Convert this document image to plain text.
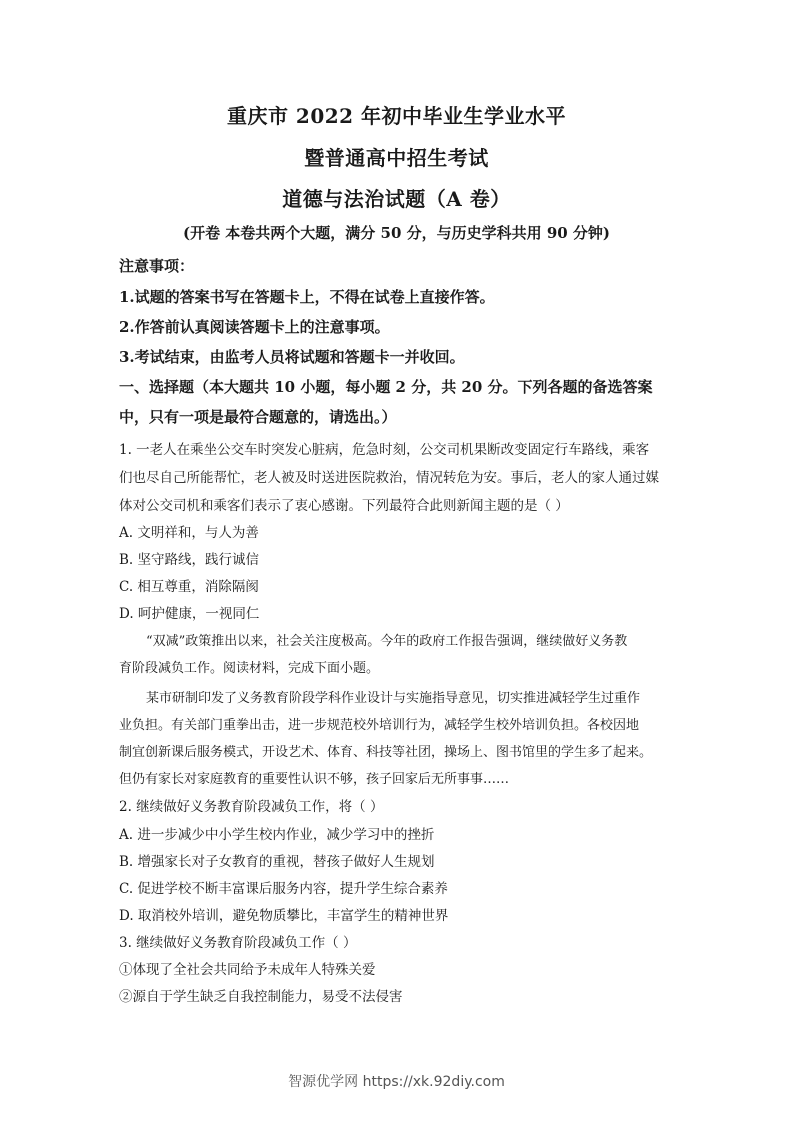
重庆市 2022 年初中毕业生学业水平
暨普通高中招生考试
道德与法治试题（A 卷）
(开卷 本卷共两个大题，满分 50 分，与历史学科共用 90 分钟)
注意事项：
1.试题的答案书写在答题卡上，不得在试卷上直接作答。
2.作答前认真阅读答题卡上的注意事项。
3.考试结束，由监考人员将试题和答题卡一并收回。
一、选择题（本大题共 10 小题，每小题 2 分，共 20 分。下列各题的备选答案
中，只有一项是最符合题意的，请选出。）
1. 一老人在乘坐公交车时突发心脏病，危急时刻，公交司机果断改变固定行车路线，乘客
们也尽自己所能帮忙，老人被及时送进医院救治，情况转危为安。事后，老人的家人通过媒
体对公交司机和乘客们表示了衷心感谢。下列最符合此则新闻主题的是（ ）
A. 文明祥和，与人为善
B. 坚守路线，践行诚信
C. 相互尊重，消除隔阂
D. 呵护健康，一视同仁
“双减”政策推出以来，社会关注度极高。今年的政府工作报告强调，继续做好义务教
育阶段减负工作。阅读材料，完成下面小题。
某市研制印发了义务教育阶段学科作业设计与实施指导意见，切实推进减轻学生过重作
业负担。有关部门重拳出击，进一步规范校外培训行为，减轻学生校外培训负担。各校因地
制宜创新课后服务模式，开设艺术、体育、科技等社团，操场上、图书馆里的学生多了起来。
但仍有家长对家庭教育的重要性认识不够，孩子回家后无所事事……
2. 继续做好义务教育阶段减负工作，将（ ）
A. 进一步减少中小学生校内作业，减少学习中的挫折
B. 增强家长对子女教育的重视，替孩子做好人生规划
C. 促进学校不断丰富课后服务内容，提升学生综合素养
D. 取消校外培训，避免物质攀比，丰富学生的精神世界
3. 继续做好义务教育阶段减负工作（ ）
①体现了全社会共同给予未成年人特殊关爱
②源自于学生缺乏自我控制能力，易受不法侵害
智源优学网 https://xk.92diy.com
